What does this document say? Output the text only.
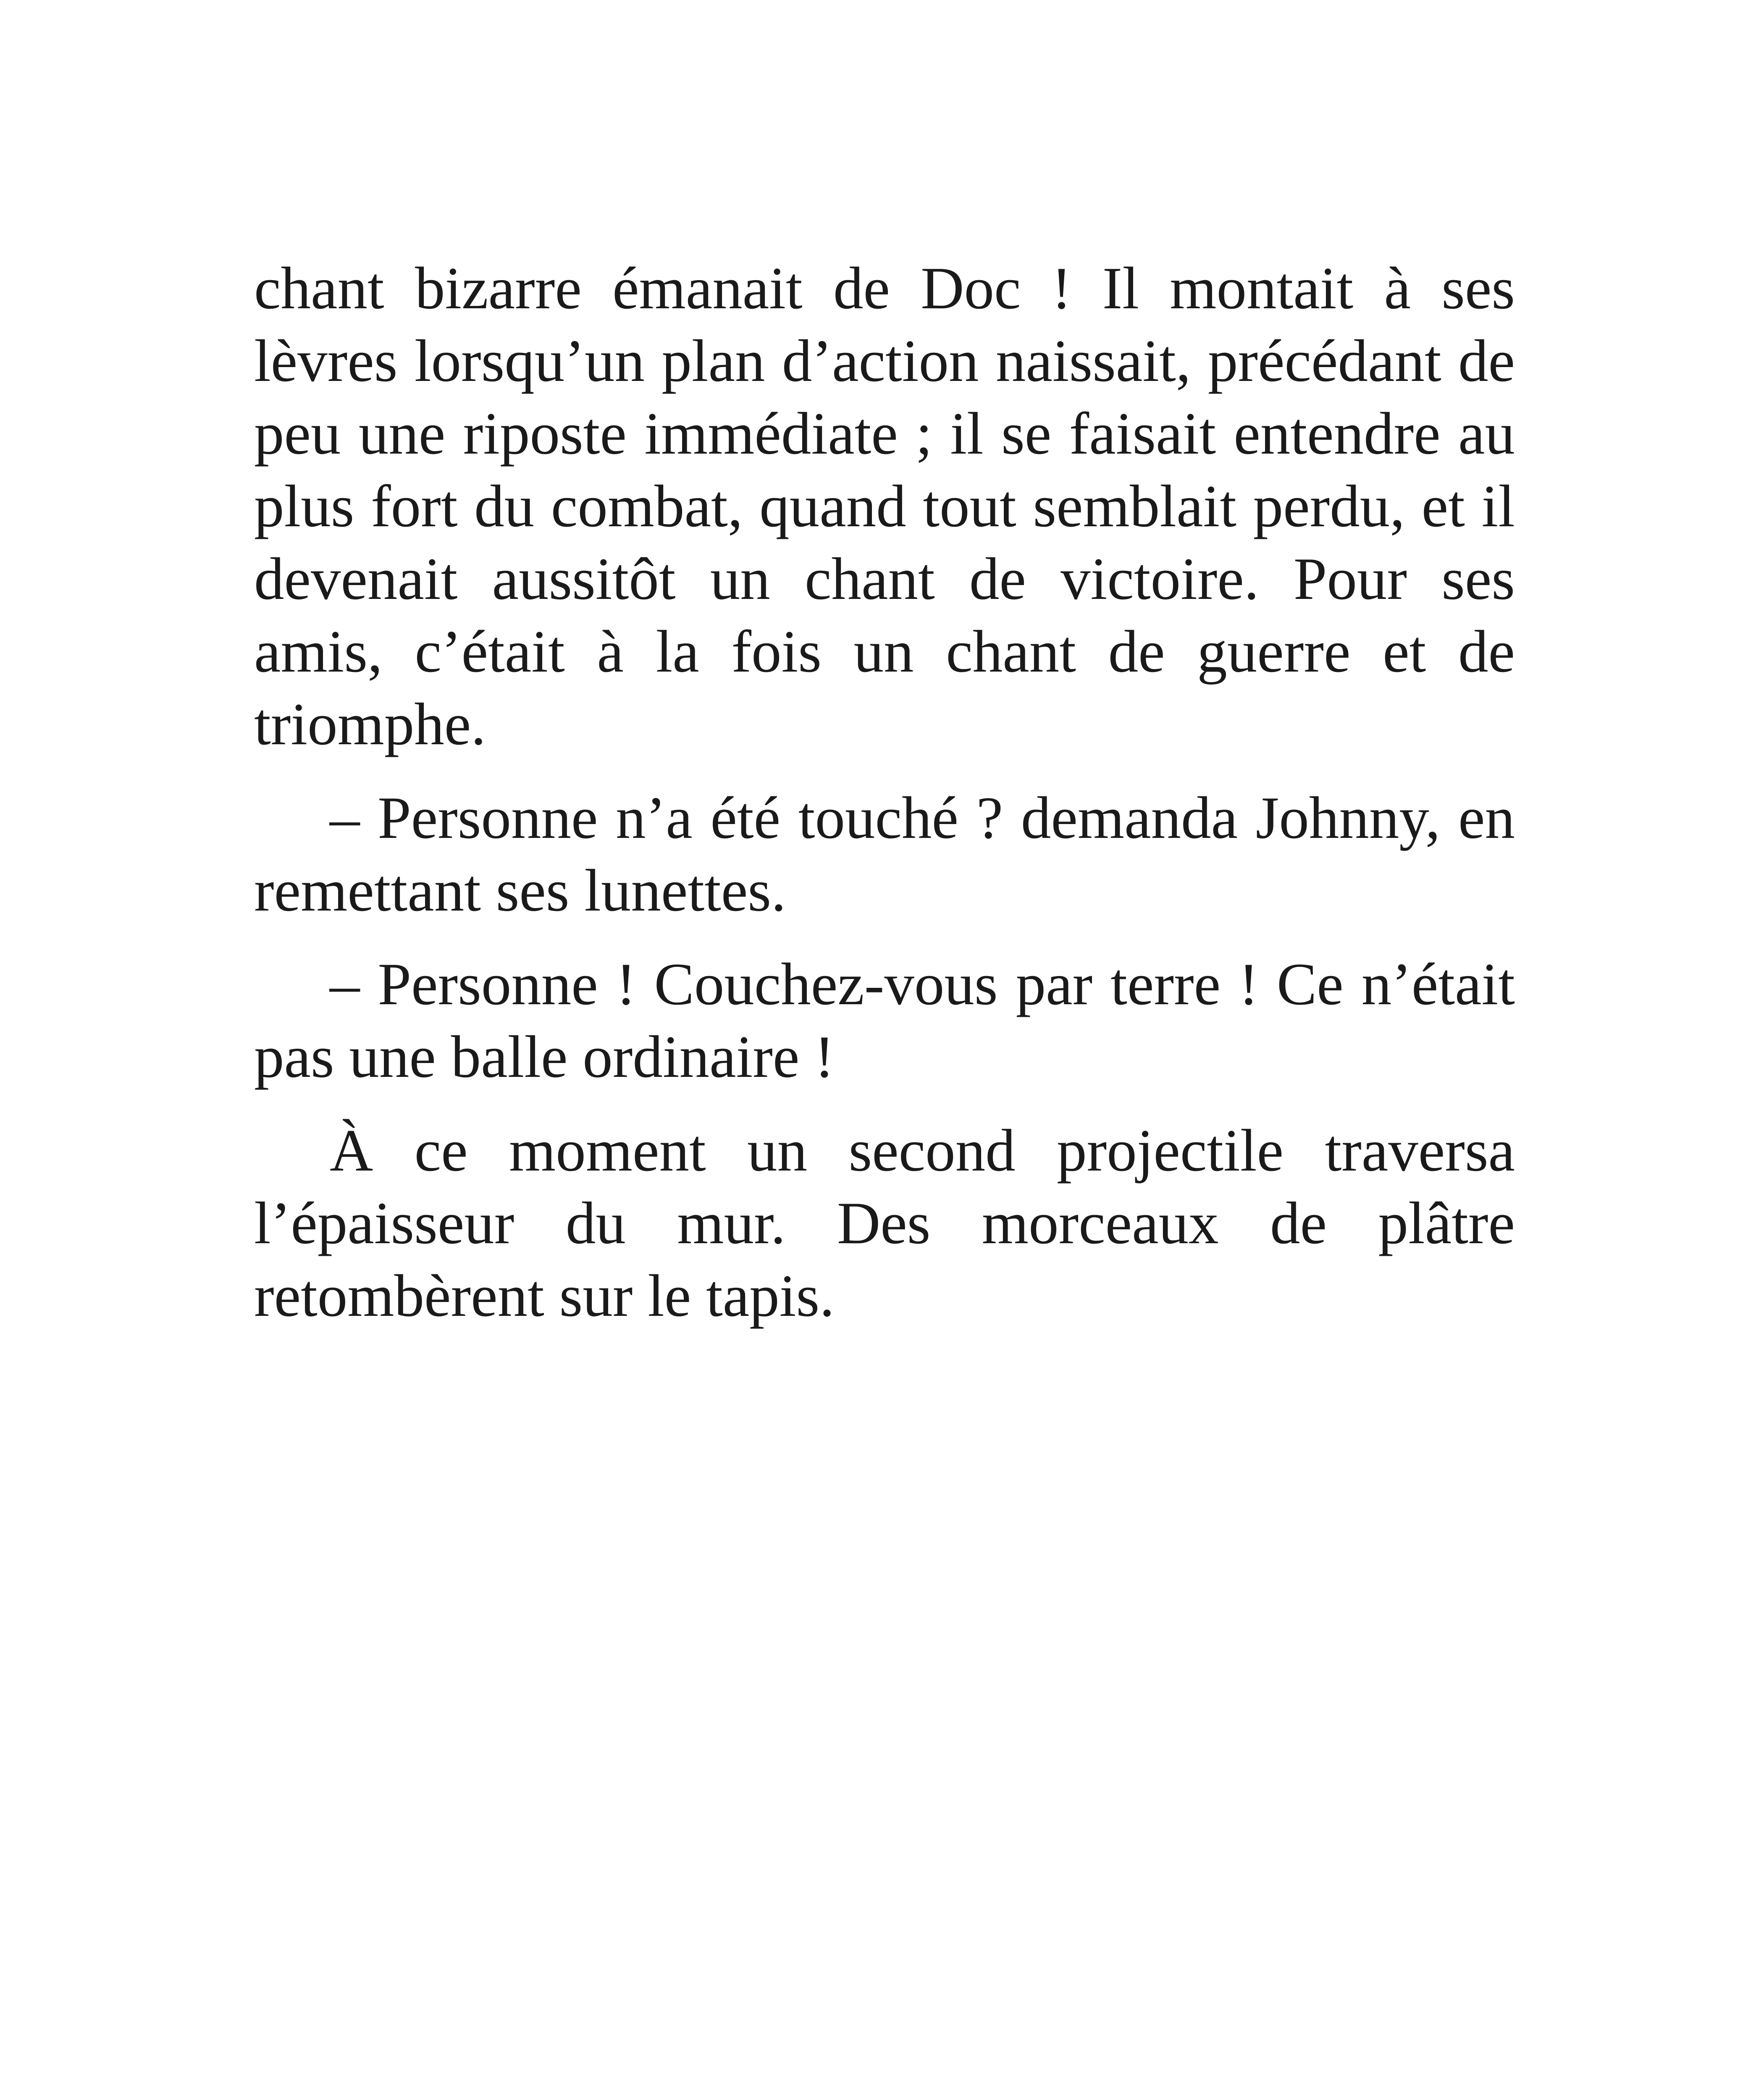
chant bizarre émanait de Doc ! Il montait à ses lèvres lorsqu’un plan d’action naissait, précédant de peu une riposte immédiate ; il se faisait entendre au plus fort du combat, quand tout semblait perdu, et il devenait aussitôt un chant de victoire. Pour ses amis, c’était à la fois un chant de guerre et de triomphe.

– Personne n’a été touché ? demanda Johnny, en remettant ses lunettes.

– Personne ! Couchez-vous par terre ! Ce n’était pas une balle ordinaire !

À ce moment un second projectile traversa l’épaisseur du mur. Des morceaux de plâtre retombèrent sur le tapis.
